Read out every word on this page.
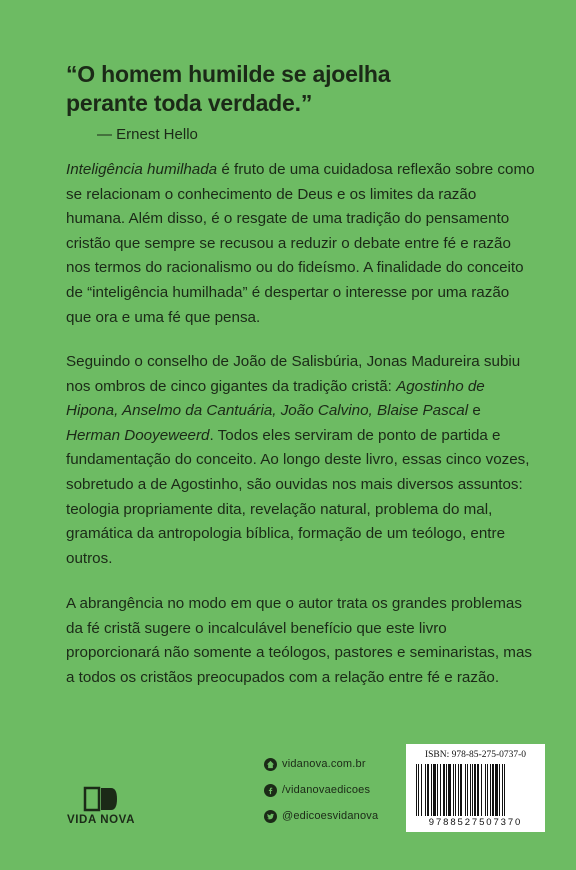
“O homem humilde se ajoelha
perante toda verdade.”
— Ernest Hello

Inteligência humilhada é fruto de uma cuidadosa reflexão sobre como se relacionam o conhecimento de Deus e os limites da razão humana. Além disso, é o resgate de uma tradição do pensamento cristão que sempre se recusou a reduzir o debate entre fé e razão nos termos do racionalismo ou do fideísmo. A finalidade do conceito de “inteligência humilhada” é despertar o interesse por uma razão que ora e uma fé que pensa.

Seguindo o conselho de João de Salisbúria, Jonas Madureira subiu nos ombros de cinco gigantes da tradição cristã: Agostinho de Hipona, Anselmo da Cantuária, João Calvino, Blaise Pascal e Herman Dooyeweerd. Todos eles serviram de ponto de partida e fundamentação do conceito. Ao longo deste livro, essas cinco vozes, sobretudo a de Agostinho, são ouvidas nos mais diversos assuntos: teologia propriamente dita, revelação natural, problema do mal, gramática da antropologia bíblica, formação de um teólogo, entre outros.

A abrangência no modo em que o autor trata os grandes problemas da fé cristã sugere o incalculável benefício que este livro proporcionará não somente a teólogos, pastores e seminaristas, mas a todos os cristãos preocupados com a relação entre fé e razão.

VIDA NOVA
vidanova.com.br
/vidanovaedicoes
@edicoesvidanova
ISBN: 978-85-275-0737-0
9788527507370
